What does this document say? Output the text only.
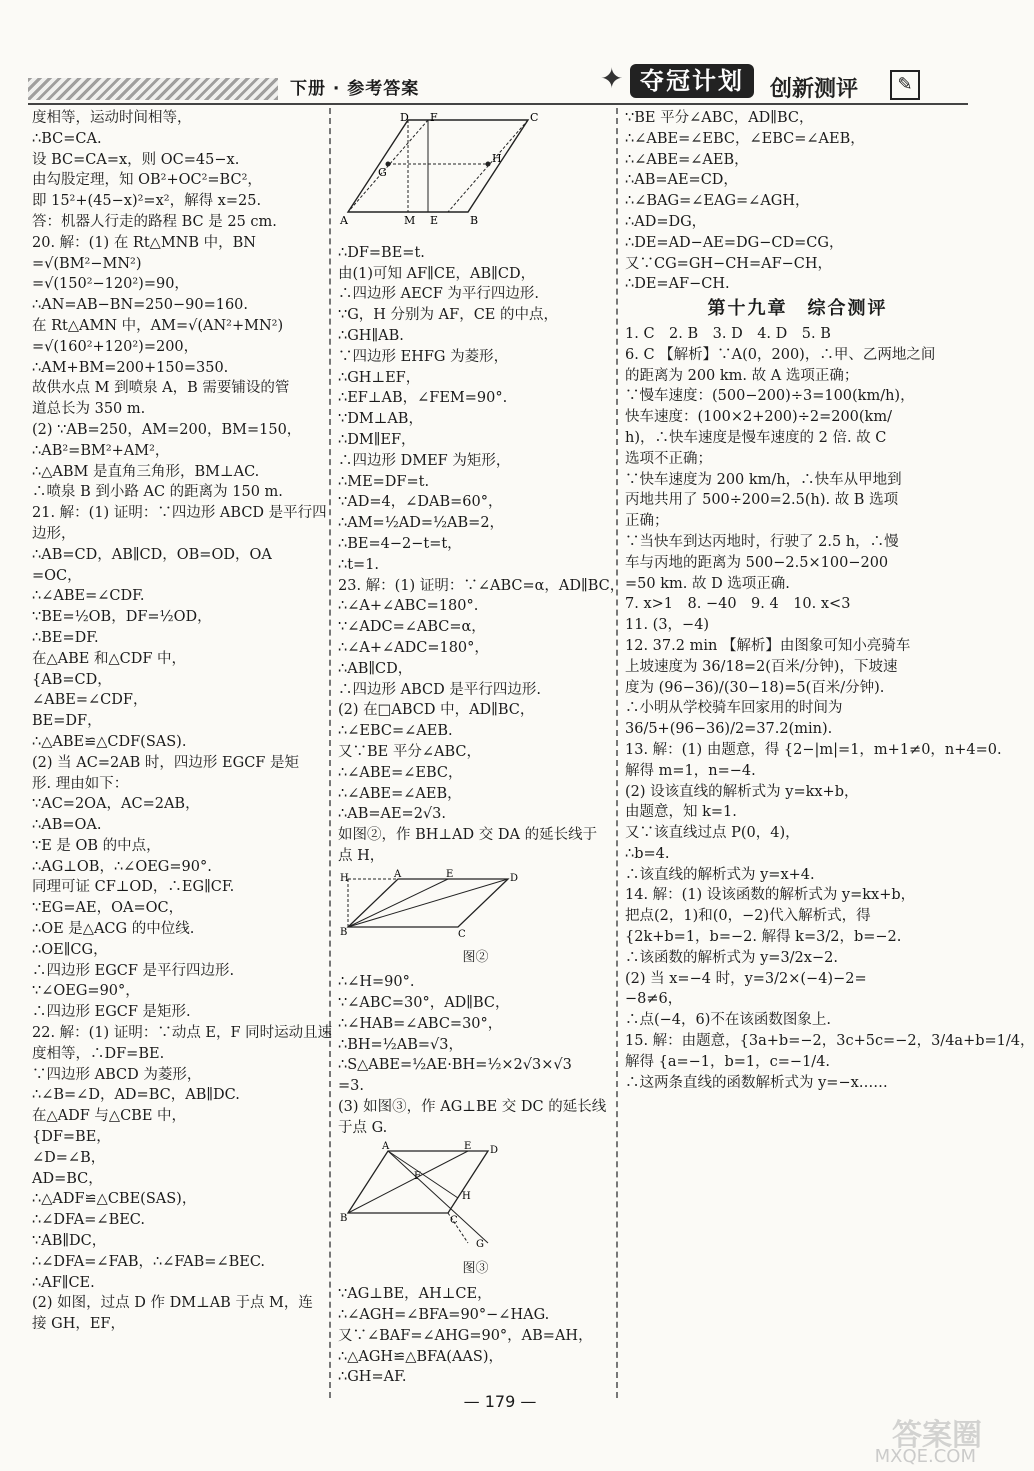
下册 · 参考答案	✦ 夺冠计划	创新测评	✎
度相等，运动时间相等，
∴BC=CA.
设 BC=CA=x，则 OC=45−x.
由勾股定理，知 OB²+OC²=BC²，
即 15²+(45−x)²=x²，解得 x=25.
答：机器人行走的路程 BC 是 25 cm.
20. 解：(1) 在 Rt△MNB 中，BN
=√(BM²−MN²)
=√(150²−120²)=90，
∴AN=AB−BN=250−90=160.
在 Rt△AMN 中，AM=√(AN²+MN²)
=√(160²+120²)=200，
∴AM+BM=200+150=350.
故供水点 M 到喷泉 A，B 需要铺设的管
道总长为 350 m.
(2) ∵AB=250，AM=200，BM=150，
∴AB²=BM²+AM²，
∴△ABM 是直角三角形，BM⊥AC.
∴喷泉 B 到小路 AC 的距离为 150 m.
21. 解：(1) 证明：∵四边形 ABCD 是平行四
边形，
∴AB=CD，AB∥CD，OB=OD，OA
=OC，
∴∠ABE=∠CDF.
∵BE=½OB，DF=½OD，
∴BE=DF.
在△ABE 和△CDF 中，
{AB=CD，
∠ABE=∠CDF，
BE=DF，
∴△ABE≌△CDF(SAS).
(2) 当 AC=2AB 时，四边形 EGCF 是矩
形. 理由如下：
∵AC=2OA，AC=2AB，
∴AB=OA.
∵E 是 OB 的中点，
∴AG⊥OB，∴∠OEG=90°.
同理可证 CF⊥OD，∴EG∥CF.
∵EG=AE，OA=OC，
∴OE 是△ACG 的中位线.
∴OE∥CG，
∴四边形 EGCF 是平行四边形.
∵∠OEG=90°，
∴四边形 EGCF 是矩形.
22. 解：(1) 证明：∵动点 E，F 同时运动且速
度相等，∴DF=BE.
∵四边形 ABCD 为菱形，
∴∠B=∠D，AD=BC，AB∥DC.
在△ADF 与△CBE 中，
{DF=BE，
∠D=∠B，
AD=BC，
∴△ADF≌△CBE(SAS)，
∴∠DFA=∠BEC.
∵AB∥DC，
∴∠DFA=∠FAB，∴∠FAB=∠BEC.
∴AF∥CE.
(2) 如图，过点 D 作 DM⊥AB 于点 M，连
接 GH，EF，
D F	C
G
H
A	M E	B
∴DF=BE=t.
由(1)可知 AF∥CE，AB∥CD，
∴四边形 AECF 为平行四边形.
∵G，H 分别为 AF，CE 的中点，
∴GH∥AB.
∵四边形 EHFG 为菱形，
∴GH⊥EF，
∴EF⊥AB，∠FEM=90°.
∵DM⊥AB，
∴DM∥EF，
∴四边形 DMEF 为矩形，
∴ME=DF=t.
∵AD=4，∠DAB=60°，
∴AM=½AD=½AB=2，
∴BE=4−2−t=t，
∴t=1.
23. 解：(1) 证明：∵∠ABC=α，AD∥BC，
∴∠A+∠ABC=180°.
∵∠ADC=∠ABC=α，
∴∠A+∠ADC=180°，
∴AB∥CD，
∴四边形 ABCD 是平行四边形.
(2) 在□ABCD 中，AD∥BC，
∴∠EBC=∠AEB.
又∵BE 平分∠ABC，
∴∠ABE=∠EBC，
∴∠ABE=∠AEB，
∴AB=AE=2√3.
如图②，作 BH⊥AD 交 DA 的延长线于
点 H，
H	A	E	D
B	C
图②
∴∠H=90°.
∵∠ABC=30°，AD∥BC，
∴∠HAB=∠ABC=30°，
∴BH=½AB=√3，
∴S△ABE=½AE·BH=½×2√3×√3
=3.
(3) 如图③，作 AG⊥BE 交 DC 的延长线
于点 G.
A	E D
F
H
B	C
G
图③
∵AG⊥BE，AH⊥CE，
∴∠AGH=∠BFA=90°−∠HAG.
又∵∠BAF=∠AHG=90°，AB=AH，
∴△AGH≌△BFA(AAS)，
∴GH=AF.
∵BE 平分∠ABC，AD∥BC，
∴∠ABE=∠EBC，∠EBC=∠AEB，
∴∠ABE=∠AEB，
∴AB=AE=CD，
∴∠BAG=∠EAG=∠AGH，
∴AD=DG，
∴DE=AD−AE=DG−CD=CG，
又∵CG=GH−CH=AF−CH，
∴DE=AF−CH.
第十九章　综合测评
1. C　2. B　3. D　4. D　5. B
6. C 【解析】∵A(0，200)，∴甲、乙两地之间
的距离为 200 km. 故 A 选项正确；
∵慢车速度：(500−200)÷3=100(km/h)，
快车速度：(100×2+200)÷2=200(km/
h)，∴快车速度是慢车速度的 2 倍. 故 C
选项不正确；
∵快车速度为 200 km/h，∴快车从甲地到
丙地共用了 500÷200=2.5(h). 故 B 选项
正确；
∵当快车到达丙地时，行驶了 2.5 h，∴慢
车与丙地的距离为 500−2.5×100−200
=50 km. 故 D 选项正确.
7. x>1　8. −40　9. 4　10. x<3
11. (3，−4)
12. 37.2 min 【解析】由图象可知小亮骑车
上坡速度为 36/18=2(百米/分钟)，下坡速
度为 (96−36)/(30−18)=5(百米/分钟).
∴小明从学校骑车回家用的时间为
36/5+(96−36)/2=37.2(min).
13. 解：(1) 由题意，得 {2−|m|=1，m+1≠0，n+4=0.
解得 m=1，n=−4.
(2) 设该直线的解析式为 y=kx+b，
由题意，知 k=1.
又∵该直线过点 P(0，4)，
∴b=4.
∴该直线的解析式为 y=x+4.
14. 解：(1) 设该函数的解析式为 y=kx+b，
把点(2，1)和(0，−2)代入解析式，得
{2k+b=1，b=−2. 解得 k=3/2，b=−2.
∴该函数的解析式为 y=3/2x−2.
(2) 当 x=−4 时，y=3/2×(−4)−2=
−8≠6，
∴点(−4，6)不在该函数图象上.
15. 解：由题意，{3a+b=−2，3c+5c=−2，3/4a+b=1/4，
解得 {a=−1，b=1，c=−1/4.
∴这两条直线的函数解析式为 y=−x……
— 179 —
答案圈
MXQE.COM
